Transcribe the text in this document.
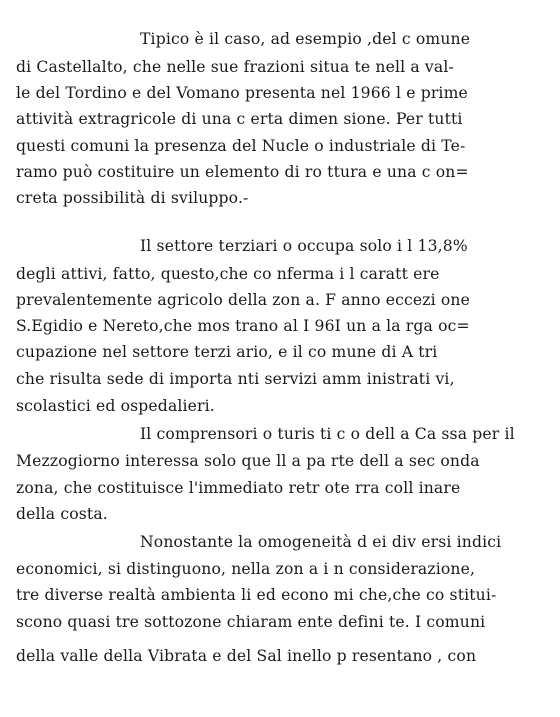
Tipico è il caso, ad esempio ,del c omune
di Castellalto, che nelle sue frazioni situa te nell a val-
le del Tordino e del Vomano presenta nel 1966 l e prime
attività extragricole di una c erta dimen sione. Per tutti
questi comuni la presenza del Nucle o industriale di Te-
ramo può costituire un elemento di ro ttura e una c on=
creta possibilità di sviluppo.-
Il settore terziari o occupa solo i l 13,8%
degli attivi, fatto, questo,che co nferma i l caratt ere
prevalentemente agricolo della zon a. F anno eccezi one
S.Egidio e Nereto,che mos trano al I 96I un a la rga oc=
cupazione nel settore terzi ario, e il co mune di A tri
che risulta sede di importa nti servizi amm inistrati vi,
scolastici ed ospedalieri.
Il comprensori o turis ti c o dell a Ca ssa per il
Mezzogiorno interessa solo que ll a pa rte dell a sec onda
zona, che costituisce l'immediato retr ote rra coll inare
della costa.
Nonostante la omogeneità d ei div ersi indici
economici, si distinguono, nella zon a i n considerazione,
tre diverse realtà ambienta li ed econo mi che,che co stitui-
scono quasi tre sottozone chiaram ente defini te. I comuni
della valle della Vibrata e del Sal inello p resentano , con
